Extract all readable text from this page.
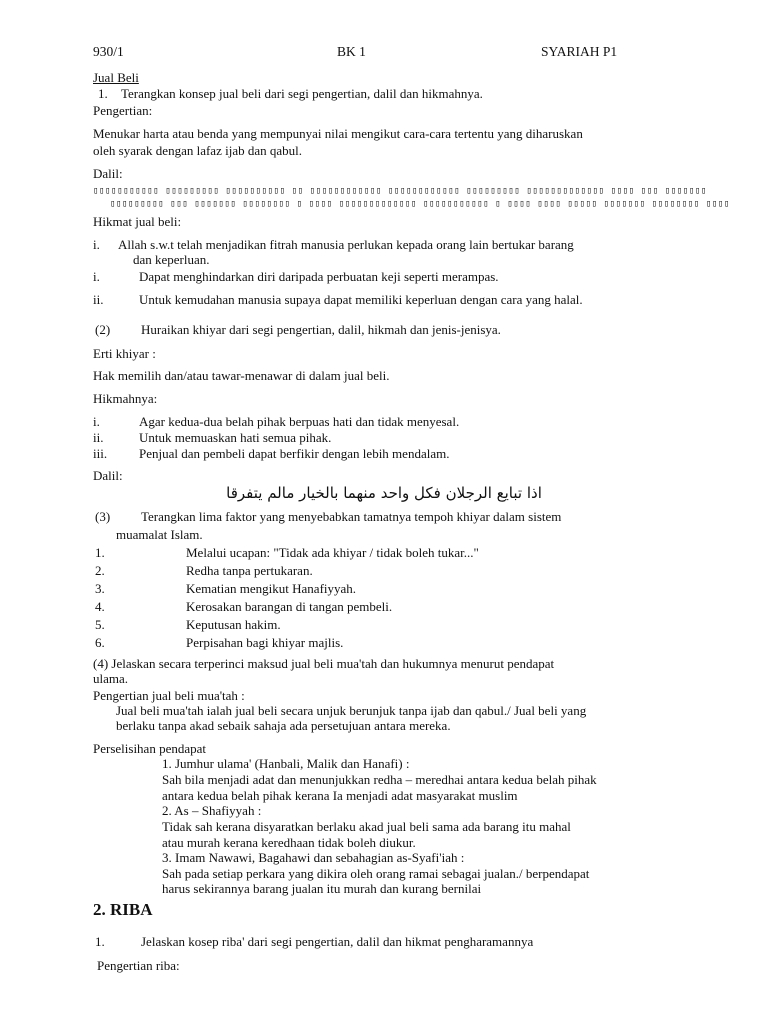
930/1	BK 1	SYARIAH P1
Jual Beli
1. Terangkan konsep jual beli dari segi pengertian, dalil dan hikmahnya.
Pengertian:
Menukar harta atau benda yang mempunyai nilai mengikut cara-cara tertentu yang diharuskan
oleh syarak dengan lafaz ijab dan qabul.
Dalil:
▯▯▯▯▯▯▯▯▯▯▯ ▯▯▯▯▯▯▯▯▯ ▯▯▯▯▯▯▯▯▯▯ ▯▯ ▯▯▯▯▯▯▯▯▯▯▯▯ ▯▯▯▯▯▯▯▯▯▯▯▯ ▯▯▯▯▯▯▯▯▯ ▯▯▯▯▯▯▯▯▯▯▯▯▯ ▯▯▯▯ ▯▯▯ ▯▯▯▯▯▯▯
▯▯▯▯▯▯▯▯▯ ▯▯▯ ▯▯▯▯▯▯▯ ▯▯▯▯▯▯▯▯ ▯ ▯▯▯▯ ▯▯▯▯▯▯▯▯▯▯▯▯▯ ▯▯▯▯▯▯▯▯▯▯▯ ▯ ▯▯▯▯ ▯▯▯▯ ▯▯▯▯▯ ▯▯▯▯▯▯▯ ▯▯▯▯▯▯▯▯ ▯▯▯▯
Hikmat jual beli:
i. Allah s.w.t telah menjadikan fitrah manusia perlukan kepada orang lain bertukar barang
dan keperluan.
i.	Dapat menghindarkan diri daripada perbuatan keji seperti merampas.
ii.	Untuk kemudahan manusia supaya dapat memiliki keperluan dengan cara yang halal.
(2) Huraikan khiyar dari segi pengertian, dalil, hikmah dan jenis-jenisya.
Erti khiyar :
Hak memilih dan/atau tawar-menawar di dalam jual beli.
Hikmahnya:
i.	Agar kedua-dua belah pihak berpuas hati dan tidak menyesal.
ii.	Untuk memuaskan hati semua pihak.
iii. Penjual dan pembeli dapat berfikir dengan lebih mendalam.
Dalil:
اذا تبايع الرجلان فكل واحد منهما بالخيار مالم يتفرقا
(3) Terangkan lima faktor yang menyebabkan tamatnya tempoh khiyar dalam sistem
muamalat Islam.
1.	Melalui ucapan: "Tidak ada khiyar / tidak boleh tukar..."
2.	Redha tanpa pertukaran.
3.	Kematian mengikut Hanafiyyah.
4.	Kerosakan barangan di tangan pembeli.
5.	Keputusan hakim.
6.	Perpisahan bagi khiyar majlis.
(4) Jelaskan secara terperinci maksud jual beli mua'tah dan hukumnya menurut pendapat
ulama.
Pengertian jual beli mua'tah :
Jual beli mua'tah ialah jual beli secara unjuk berunjuk tanpa ijab dan qabul./ Jual beli yang
berlaku tanpa akad sebaik sahaja ada persetujuan antara mereka.
Perselisihan pendapat
1. Jumhur ulama' (Hanbali, Malik dan Hanafi) :
Sah bila menjadi adat dan menunjukkan redha – meredhai antara kedua belah pihak
antara kedua belah pihak kerana Ia menjadi adat masyarakat muslim
2. As – Shafiyyah :
Tidak sah kerana disyaratkan berlaku akad jual beli sama ada barang itu mahal
atau murah kerana keredhaan tidak boleh diukur.
3. Imam Nawawi, Bagahawi dan sebahagian as-Syafi'iah :
Sah pada setiap perkara yang dikira oleh orang ramai sebagai jualan./ berpendapat
harus sekirannya barang jualan itu murah dan kurang bernilai
2. RIBA
1.	Jelaskan kosep riba' dari segi pengertian, dalil dan hikmat pengharamannya
Pengertian riba:
